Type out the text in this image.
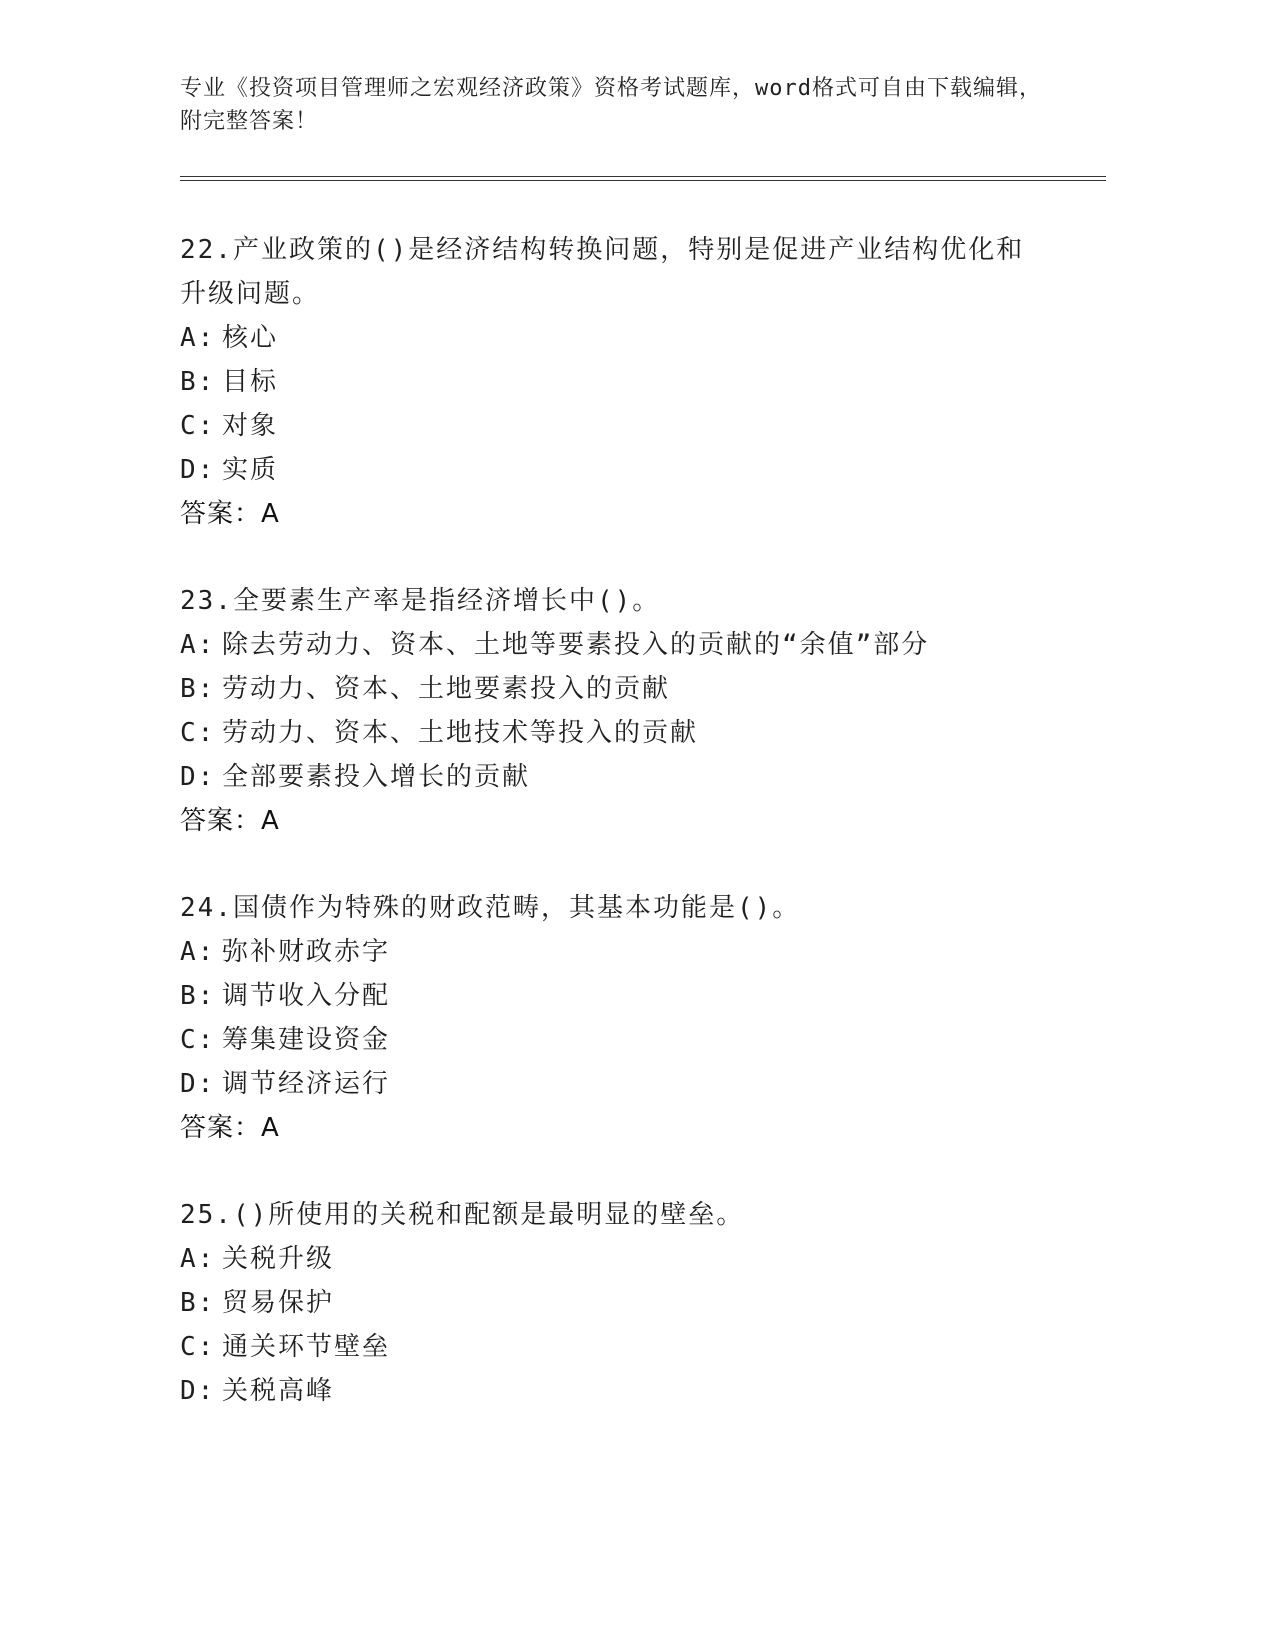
专业《投资项目管理师之宏观经济政策》资格考试题库，word格式可自由下载编辑，附完整答案！
22.产业政策的()是经济结构转换问题，特别是促进产业结构优化和升级问题。
A: 核心
B: 目标
C: 对象
D: 实质
答案：A
23.全要素生产率是指经济增长中()。
A: 除去劳动力、资本、土地等要素投入的贡献的“余值”部分
B: 劳动力、资本、土地要素投入的贡献
C: 劳动力、资本、土地技术等投入的贡献
D: 全部要素投入增长的贡献
答案：A
24.国债作为特殊的财政范畴，其基本功能是()。
A: 弥补财政赤字
B: 调节收入分配
C: 筹集建设资金
D: 调节经济运行
答案：A
25.()所使用的关税和配额是最明显的壁垒。
A: 关税升级
B: 贸易保护
C: 通关环节壁垒
D: 关税高峰
